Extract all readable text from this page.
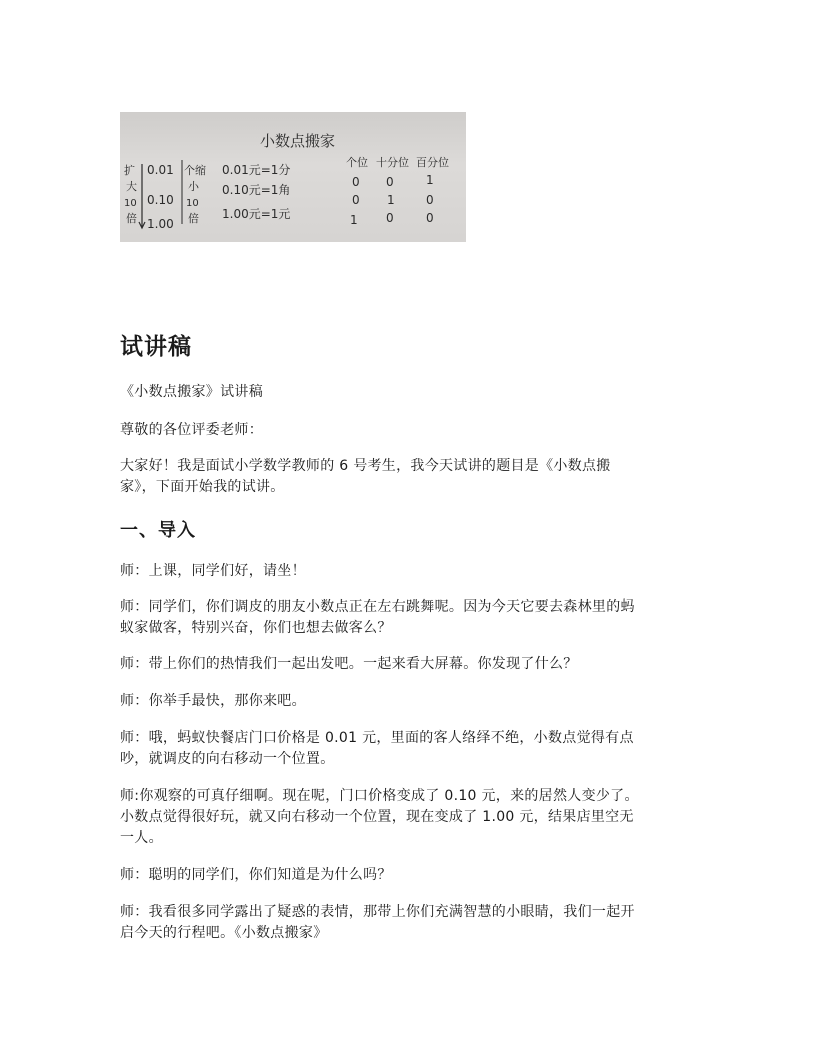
小数点搬家
扩
大
10
倍
0.01
0.10
1.00
个缩
小
10
倍
0.01元=1分
0.10元=1角
1.00元=1元
个位 十分位 百分位
0 0	1
0 1	0
1 0	0
试讲稿

《小数点搬家》试讲稿

尊敬的各位评委老师：

大家好！我是面试小学数学教师的 6 号考生，我今天试讲的题目是《小数点搬

家》，下面开始我的试讲。

一、导入

师：上课，同学们好，请坐！

师：同学们，你们调皮的朋友小数点正在左右跳舞呢。因为今天它要去森林里的蚂

蚁家做客，特别兴奋，你们也想去做客么？

师：带上你们的热情我们一起出发吧。一起来看大屏幕。你发现了什么？

师：你举手最快，那你来吧。

师：哦，蚂蚁快餐店门口价格是 0.01 元，里面的客人络绎不绝，小数点觉得有点

吵，就调皮的向右移动一个位置。

师:你观察的可真仔细啊。现在呢，门口价格变成了 0.10 元，来的居然人变少了。

小数点觉得很好玩，就又向右移动一个位置，现在变成了 1.00 元，结果店里空无

一人。

师：聪明的同学们，你们知道是为什么吗？

师：我看很多同学露出了疑惑的表情，那带上你们充满智慧的小眼睛，我们一起开

启今天的行程吧。《小数点搬家》
